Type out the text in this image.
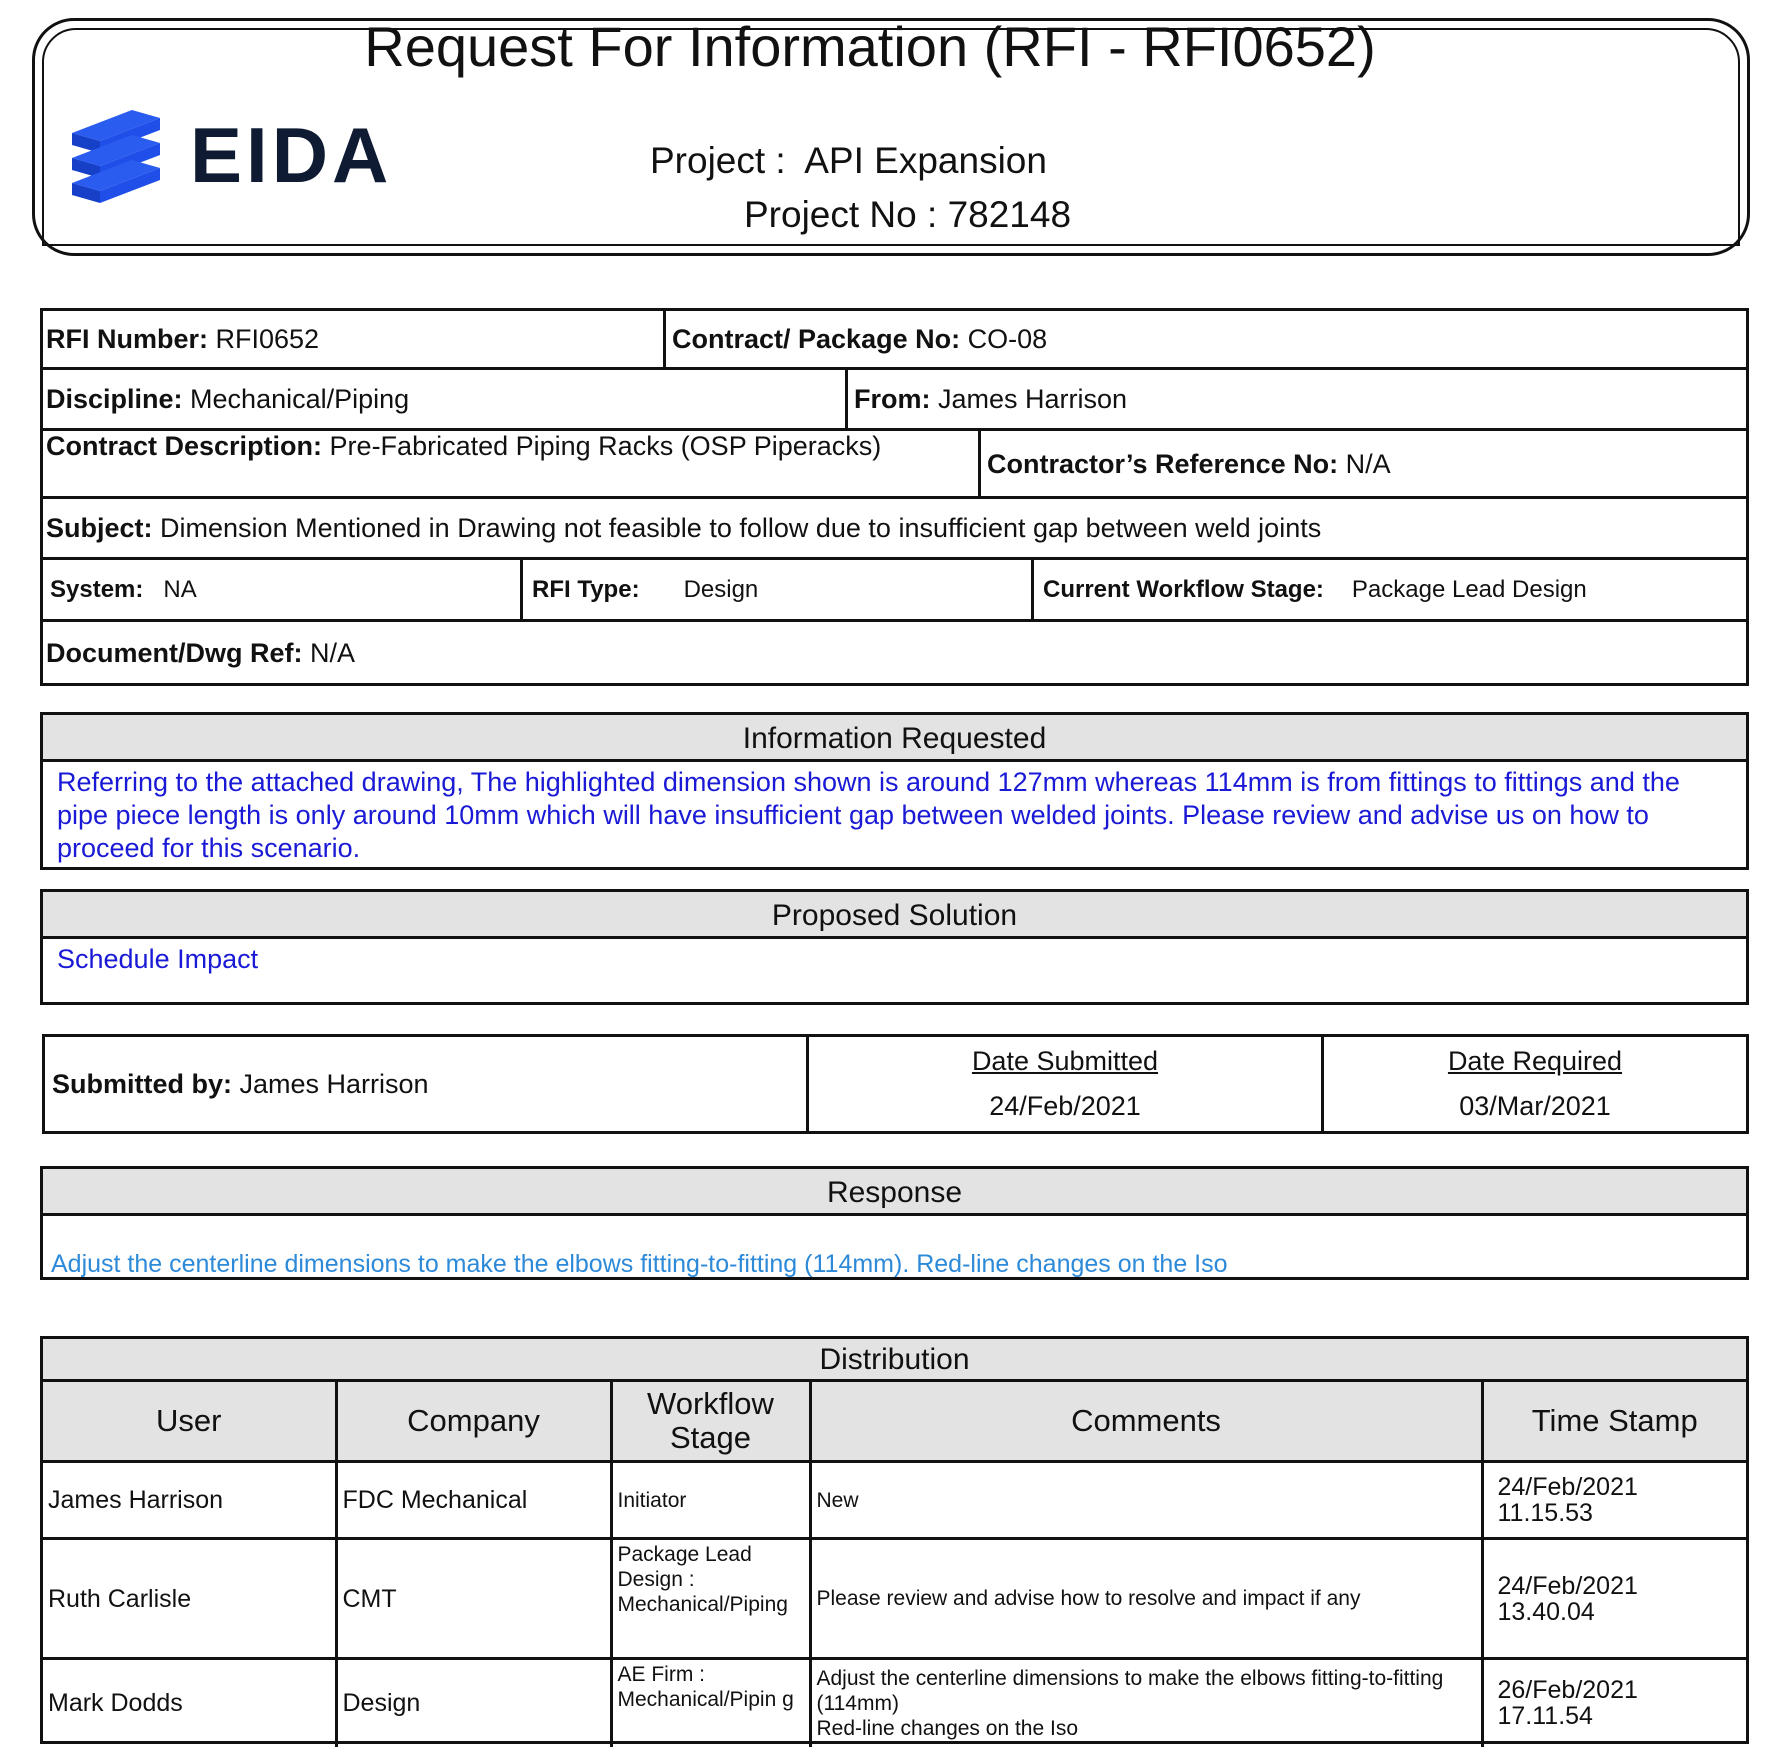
Request For Information (RFI - RFI0652)
EIDA	Project : API Expansion
Project No : 782148
RFI Number:
RFI0652	Contract/ Package No:
CO-08
Discipline:
Mechanical/Piping	From:
James Harrison
Contract Description:
Pre-Fabricated Piping Racks (OSP Piperacks)
Contractor’s Reference No:
N/A
Subject:
Dimension Mentioned in Drawing not feasible to follow due to insufficient gap between weld joints
System:
NA	RFI Type: Design	Current Workflow Stage: Package Lead Design
Document/Dwg Ref:
N/A
Information Requested
Referring to the attached drawing, The highlighted dimension shown is around 127mm whereas 114mm is from fittings to fittings and the pipe piece length is only around 10mm which will have insufficient gap between welded joints. Please review and advise us on how to proceed for this scenario.
Proposed Solution
Schedule Impact
Submitted by:
James Harrison
Date Submitted
24/Feb/2021
Date Required
03/Mar/2021
Response
Adjust the centerline dimensions to make the elbows fitting-to-fitting (114mm). Red-line changes on the Iso
Distribution
User	Company	Workflow Stage	Comments	Time Stamp
James Harrison	FDC Mechanical	Initiator	New	24/Feb/2021
11.15.53
Ruth Carlisle	CMT	Package Lead
Design :
Mechanical/Piping	Please review and advise how to resolve and impact if any	24/Feb/2021
13.40.04
Mark Dodds	Design	AE Firm :
Mechanical/Pipin g	Adjust the centerline dimensions to make the elbows fitting-to-fitting
(114mm)
Red-line changes on the Iso	26/Feb/2021
17.11.54
